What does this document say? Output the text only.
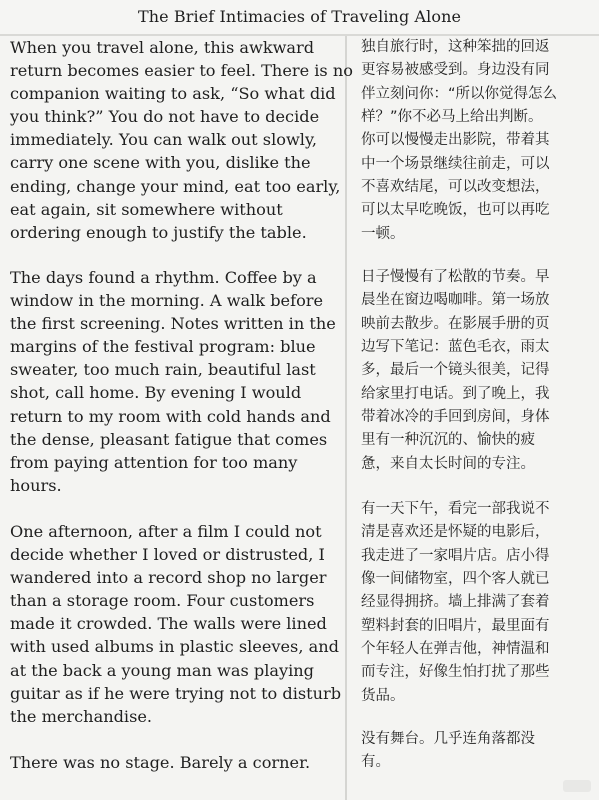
The Brief Intimacies of Traveling Alone
When you travel alone, this awkward
return becomes easier to feel. There is no
companion waiting to ask, “So what did
you think?” You do not have to decide
immediately. You can walk out slowly,
carry one scene with you, dislike the
ending, change your mind, eat too early,
eat again, sit somewhere without
ordering enough to justify the table.
The days found a rhythm. Coffee by a
window in the morning. A walk before
the first screening. Notes written in the
margins of the festival program: blue
sweater, too much rain, beautiful last
shot, call home. By evening I would
return to my room with cold hands and
the dense, pleasant fatigue that comes
from paying attention for too many
hours.
One afternoon, after a film I could not
decide whether I loved or distrusted, I
wandered into a record shop no larger
than a storage room. Four customers
made it crowded. The walls were lined
with used albums in plastic sleeves, and
at the back a young man was playing
guitar as if he were trying not to disturb
the merchandise.
There was no stage. Barely a corner.
独自旅行时，这种笨拙的回返
更容易被感受到。身边没有同
伴立刻问你：“所以你觉得怎么
样？”你不必马上给出判断。
你可以慢慢走出影院，带着其
中一个场景继续往前走，可以
不喜欢结尾，可以改变想法，
可以太早吃晚饭，也可以再吃
一顿。
日子慢慢有了松散的节奏。早
晨坐在窗边喝咖啡。第一场放
映前去散步。在影展手册的页
边写下笔记：蓝色毛衣，雨太
多，最后一个镜头很美，记得
给家里打电话。到了晚上，我
带着冰冷的手回到房间，身体
里有一种沉沉的、愉快的疲
惫，来自太长时间的专注。
有一天下午，看完一部我说不
清是喜欢还是怀疑的电影后，
我走进了一家唱片店。店小得
像一间储物室，四个客人就已
经显得拥挤。墙上排满了套着
塑料封套的旧唱片，最里面有
个年轻人在弹吉他，神情温和
而专注，好像生怕打扰了那些
货品。
没有舞台。几乎连角落都没
有。
